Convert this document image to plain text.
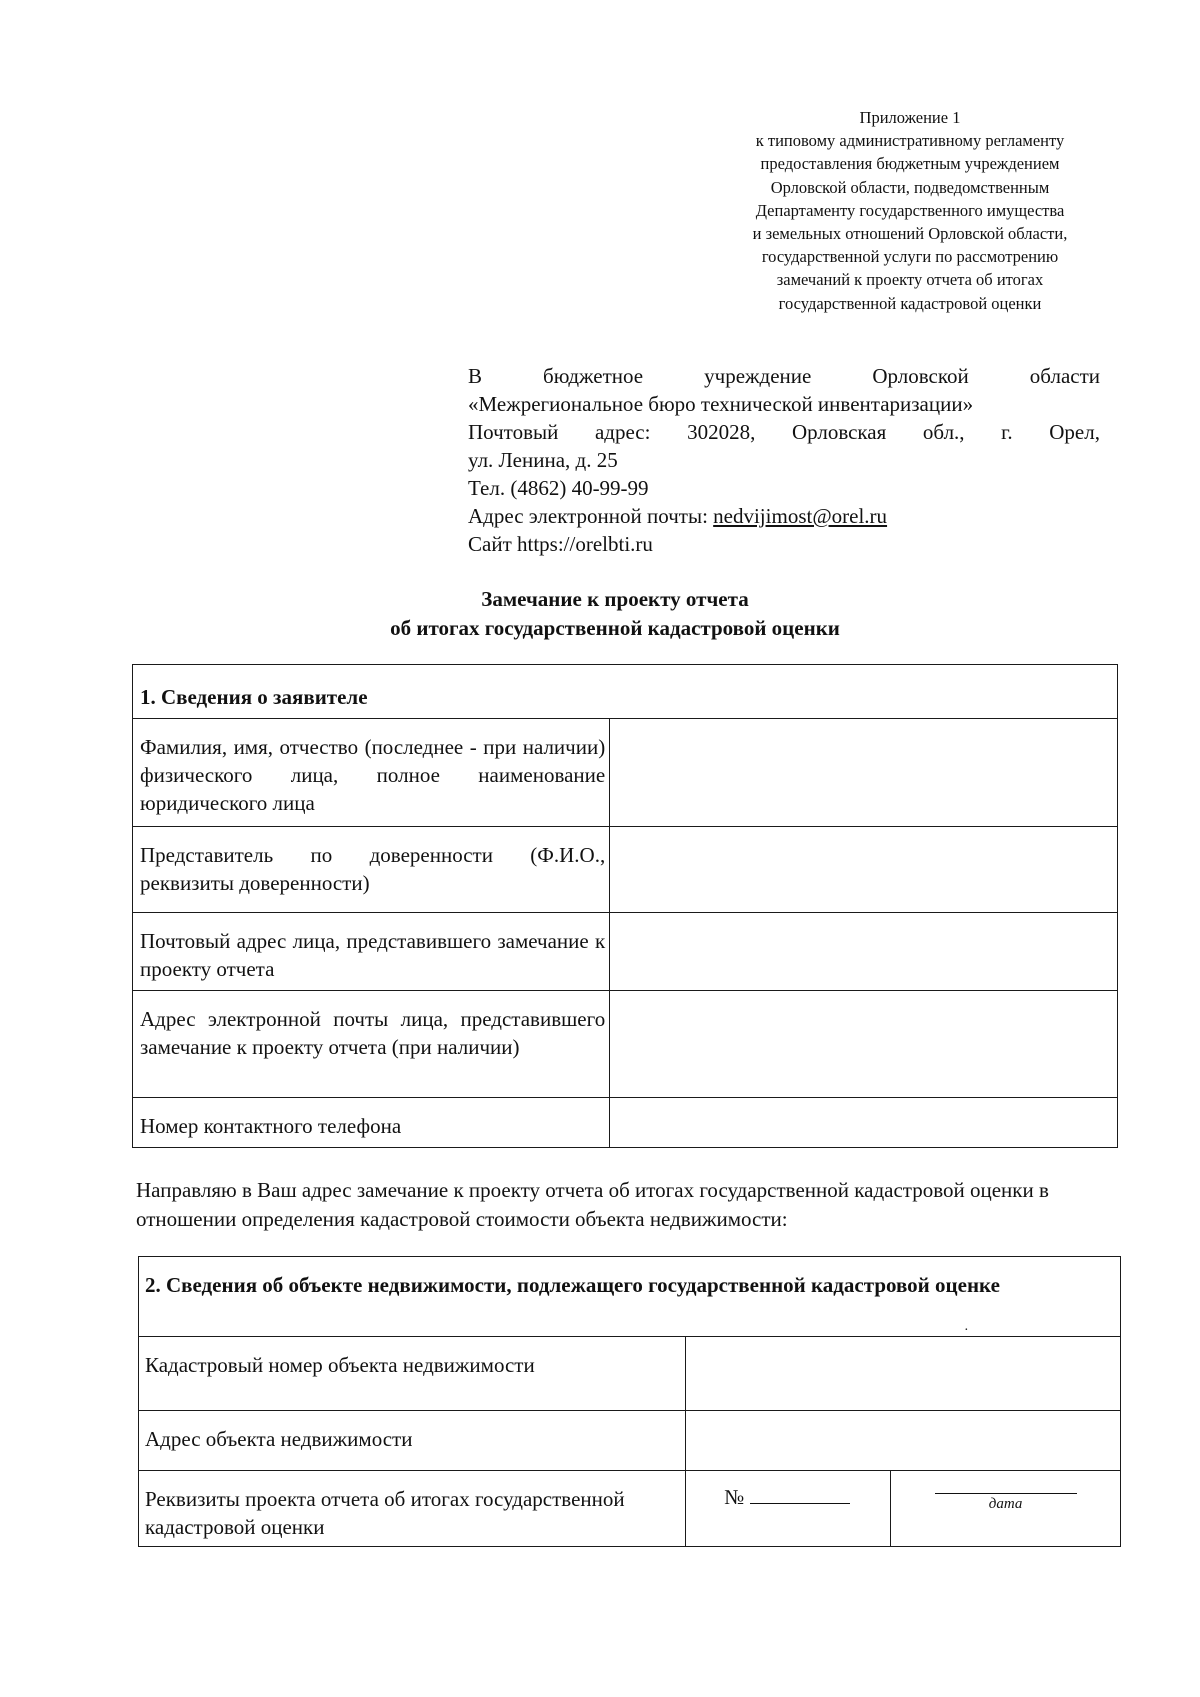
Приложение 1
к типовому административному регламенту
предоставления бюджетным учреждением
Орловской области, подведомственным
Департаменту государственного имущества
и земельных отношений Орловской области,
государственной услуги по рассмотрению
замечаний к проекту отчета об итогах
государственной кадастровой оценки
В бюджетное учреждение Орловской области
«Межрегиональное бюро технической инвентаризации»
Почтовый адрес: 302028, Орловская обл., г. Орел,
ул. Ленина, д. 25
Тел. (4862) 40-99-99
Адрес электронной почты: nedvijimost@orel.ru
Сайт https://orelbti.ru
Замечание к проекту отчета
об итогах государственной кадастровой оценки
1. Сведения о заявителе	
Фамилия, имя, отчество (последнее - при наличии) физического лица, полное наименование юридического лица	
Представитель по доверенности (Ф.И.О., реквизиты доверенности)	
Почтовый адрес лица, представившего замечание к проекту отчета	
Адрес электронной почты лица, представившего замечание к проекту отчета (при наличии)	
Номер контактного телефона	
Направляю в Ваш адрес замечание к проекту отчета об итогах государственной кадастровой оценки в отношении определения кадастровой стоимости объекта недвижимости:
2. Сведения об объекте недвижимости, подлежащего государственной кадастровой оценке		
Кадастровый номер объекта недвижимости		
Адрес объекта недвижимости		
Реквизиты проекта отчета об итогах государственной кадастровой оценки	№	дата
·
